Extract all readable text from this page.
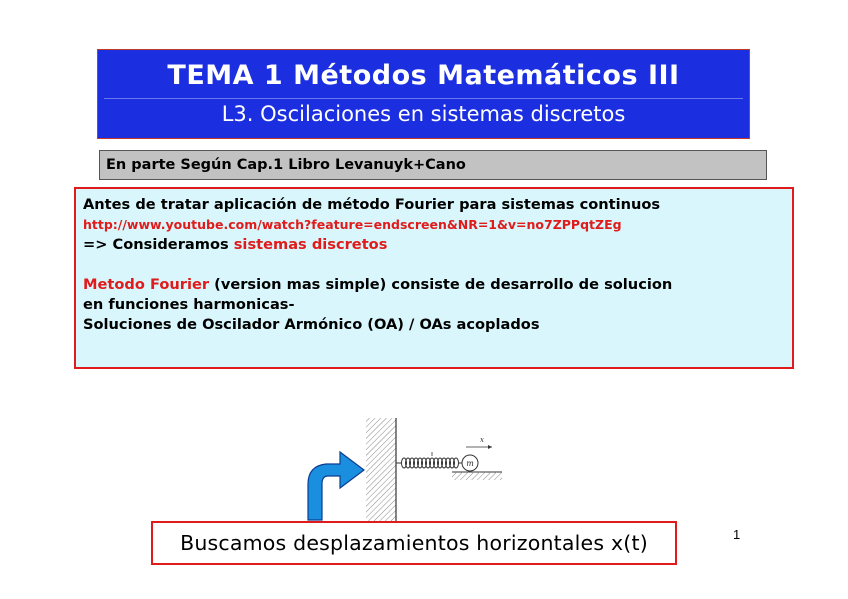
TEMA 1 Métodos Matemáticos III
L3. Oscilaciones en sistemas discretos
En parte Según Cap.1 Libro Levanuyk+Cano
Antes de tratar aplicación de método Fourier para sistemas continuos
http://www.youtube.com/watch?feature=endscreen&NR=1&v=no7ZPPqtZEg
=> Consideramos sistemas discretos
Metodo Fourier (version mas simple) consiste de desarrollo de solucion
en funciones harmonicas-
Soluciones de Oscilador Armónico (OA) / OAs acoplados
m
x
Buscamos desplazamientos horizontales x(t)	1
